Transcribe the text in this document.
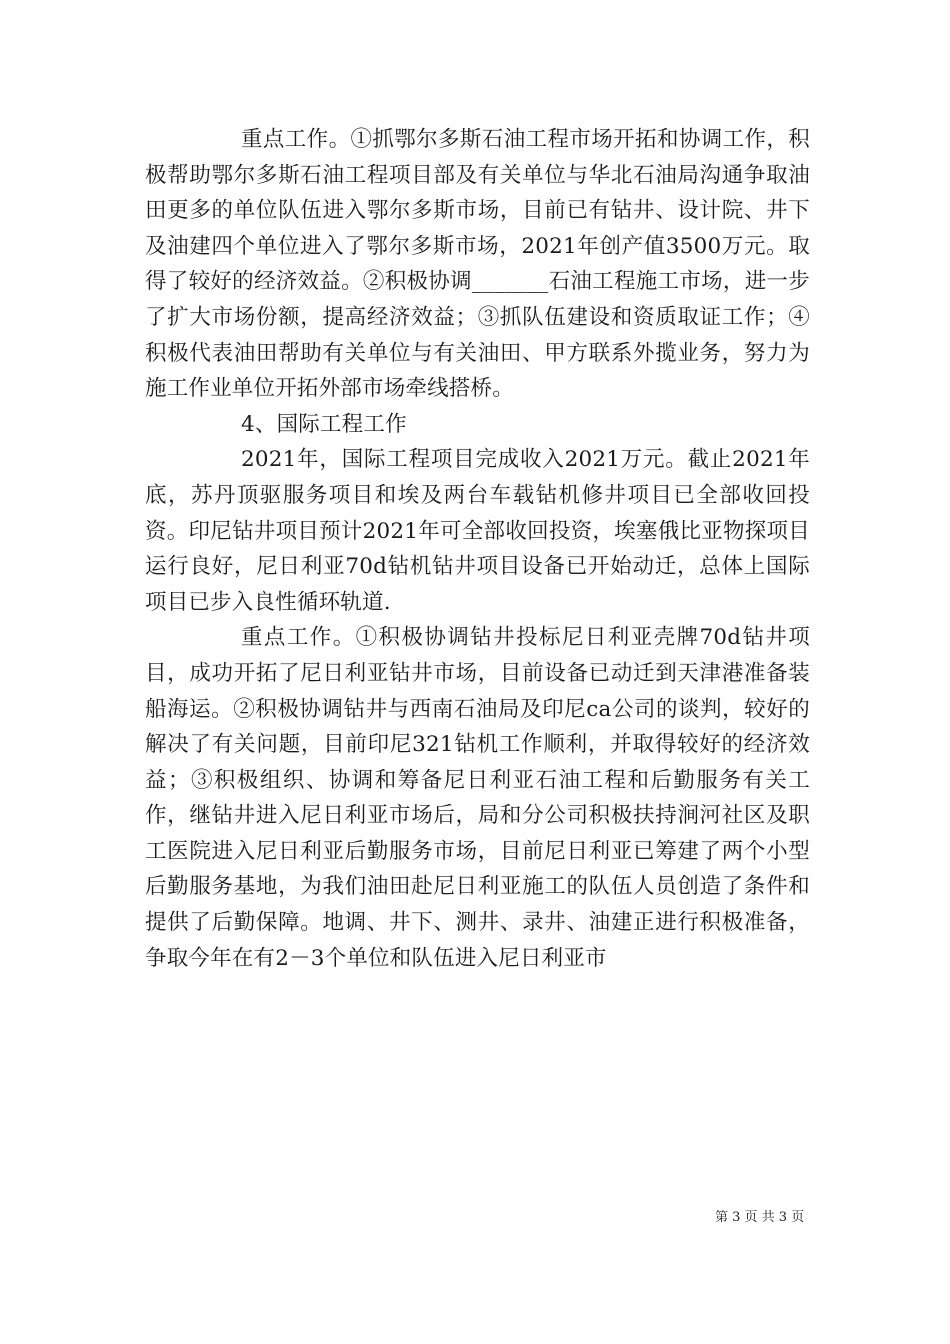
重点工作。①抓鄂尔多斯石油工程市场开拓和协调工作，积极帮助鄂尔多斯石油工程项目部及有关单位与华北石油局沟通争取油田更多的单位队伍进入鄂尔多斯市场，目前已有钻井、设计院、井下及油建四个单位进入了鄂尔多斯市场，2021年创产值3500万元。取得了较好的经济效益。②积极协调_______石油工程施工市场，进一步了扩大市场份额，提高经济效益；③抓队伍建设和资质取证工作；④积极代表油田帮助有关单位与有关油田、甲方联系外揽业务，努力为施工作业单位开拓外部市场牵线搭桥。

4、国际工程工作

2021年，国际工程项目完成收入2021万元。截止2021年底，苏丹顶驱服务项目和埃及两台车载钻机修井项目已全部收回投资。印尼钻井项目预计2021年可全部收回投资，埃塞俄比亚物探项目运行良好，尼日利亚70d钻机钻井项目设备已开始动迁，总体上国际项目已步入良性循环轨道.

重点工作。①积极协调钻井投标尼日利亚壳牌70d钻井项目，成功开拓了尼日利亚钻井市场，目前设备已动迁到天津港准备装船海运。②积极协调钻井与西南石油局及印尼ca公司的谈判，较好的解决了有关问题，目前印尼321钻机工作顺利，并取得较好的经济效益；③积极组织、协调和筹备尼日利亚石油工程和后勤服务有关工作，继钻井进入尼日利亚市场后，局和分公司积极扶持涧河社区及职工医院进入尼日利亚后勤服务市场，目前尼日利亚已筹建了两个小型后勤服务基地，为我们油田赴尼日利亚施工的队伍人员创造了条件和提供了后勤保障。地调、井下、测井、录井、油建正进行积极准备，争取今年在有2－3个单位和队伍进入尼日利亚市

第 3 页 共 3 页
